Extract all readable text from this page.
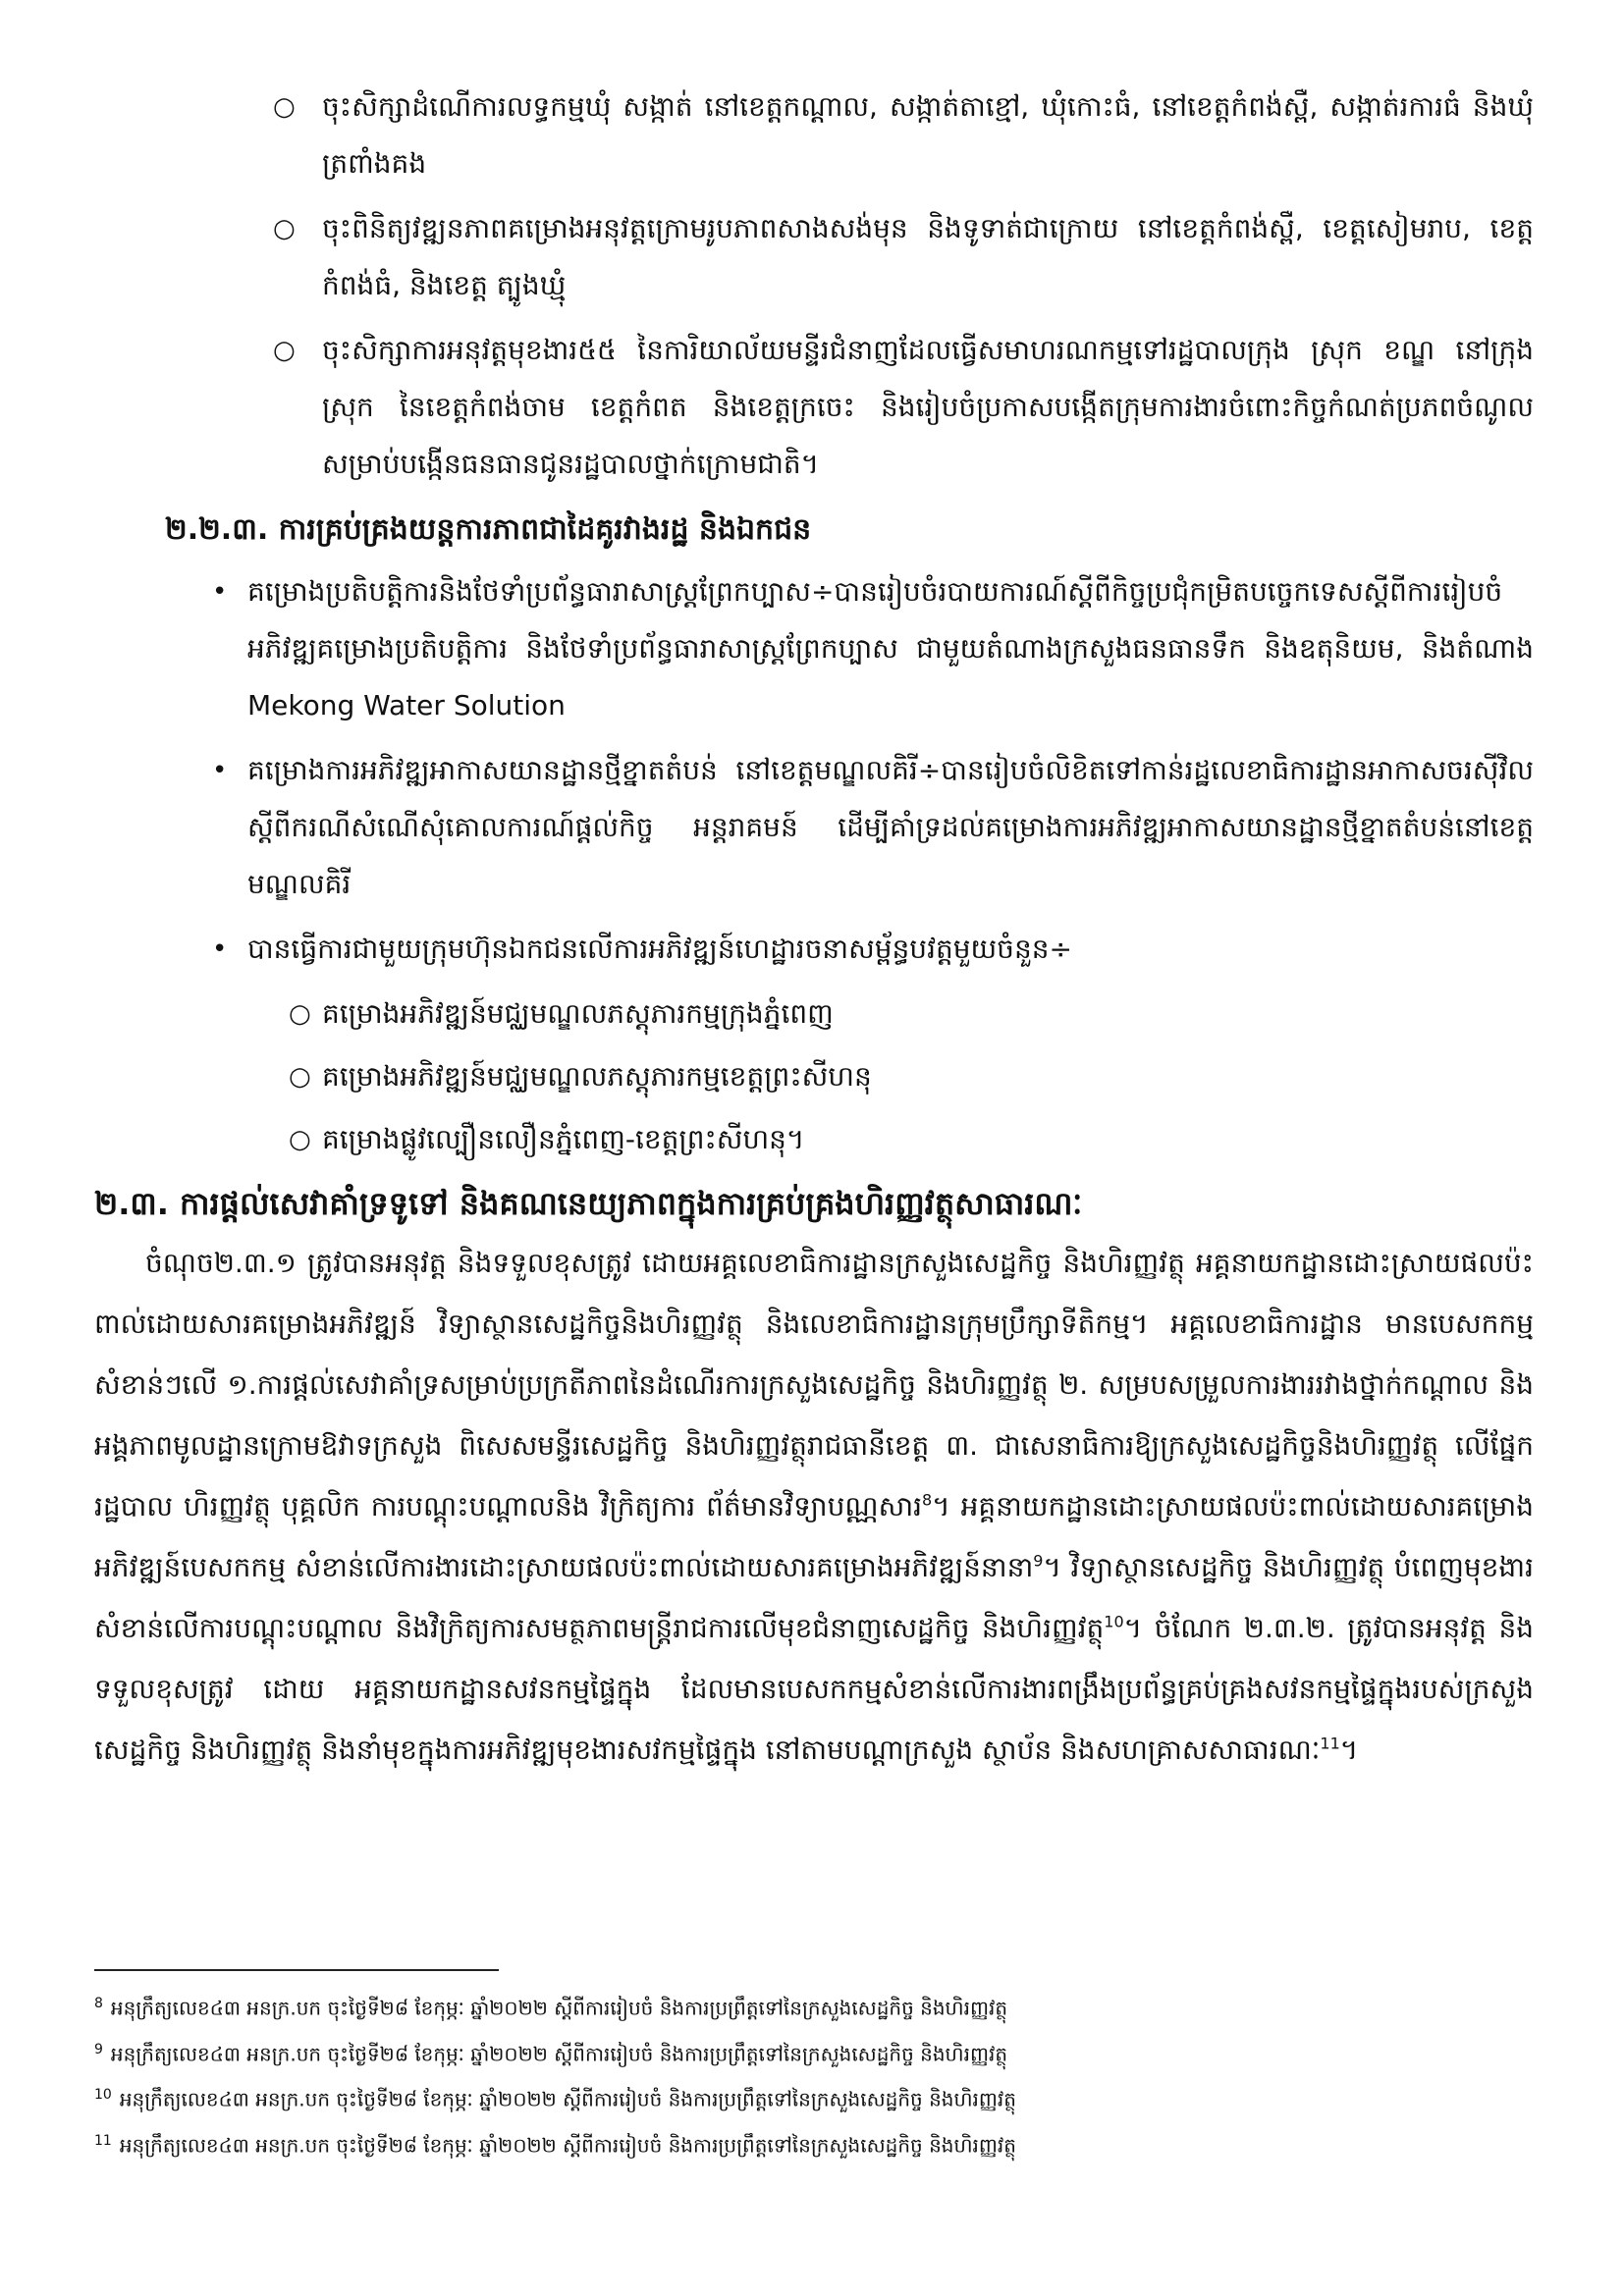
○ ចុះសិក្សាដំណើការលទ្ធកម្មឃុំ សង្កាត់ នៅខេត្តកណ្តាល, សង្កាត់តាខ្មៅ, ឃុំកោះធំ, នៅខេត្តកំពង់ស្ពឺ, សង្កាត់រការធំ និងឃុំត្រពាំងគង
○ ចុះពិនិត្យវឌ្ឍនភាពគម្រោងអនុវត្តក្រោមរូបភាពសាងសង់មុន និងទូទាត់ជាក្រោយ នៅខេត្តកំពង់ស្ពឺ, ខេត្តសៀមរាប, ខេត្តកំពង់ធំ, និងខេត្ត ត្បូងឃ្មុំ
○ ចុះសិក្សាការអនុវត្តមុខងារ៥៥ នៃការិយាល័យមន្ទីរជំនាញដែលធ្វើសមាហរណកម្មទៅរដ្ឋបាលក្រុង ស្រុក ខណ្ឌ នៅក្រុង ស្រុក នៃខេត្តកំពង់ចាម ខេត្តកំពត និងខេត្តក្រចេះ និងរៀបចំប្រកាសបង្កើតក្រុមការងារចំពោះកិច្ចកំណត់ប្រភពចំណូលសម្រាប់បង្កើនធនធានជូនរដ្ឋបាលថ្នាក់ក្រោមជាតិ។
២.២.៣. ការគ្រប់គ្រងយន្តការភាពជាដៃគូរវាងរដ្ឋ និងឯកជន
• គម្រោងប្រតិបត្តិការនិងថែទាំប្រព័ន្ធធារាសាស្ត្រព្រែកប្បាស÷បានរៀបចំរបាយការណ៍ស្តីពីកិច្ចប្រជុំកម្រិតបច្ចេកទេសស្តីពីការរៀបចំអភិវឌ្ឍគម្រោងប្រតិបត្តិការ និងថែទាំប្រព័ន្ធធារាសាស្ត្រព្រែកប្បាស ជាមួយតំណាងក្រសួងធនធានទឹក និងឧតុនិយម, និងតំណាង Mekong Water Solution
• គម្រោងការអភិវឌ្ឍអាកាសយានដ្ឋានថ្មីខ្នាតតំបន់ នៅខេត្តមណ្ឌលគិរី÷បានរៀបចំលិខិតទៅកាន់រដ្ឋលេខាធិការដ្ឋានអាកាសចរស៊ីវិលស្តីពីករណីសំណើសុំគោលការណ៍ផ្តល់កិច្ច អន្តរាគមន៍ ដើម្បីគាំទ្រដល់គម្រោងការអភិវឌ្ឍអាកាសយានដ្ឋានថ្មីខ្នាតតំបន់នៅខេត្តមណ្ឌលគិរី
• បានធ្វើការជាមួយក្រុមហ៊ុនឯកជនលើការអភិវឌ្ឍន៍ហេដ្ឋារចនាសម្ព័ន្ធបវត្តមួយចំនួន÷
○ គម្រោងអភិវឌ្ឍន៍មជ្ឈមណ្ឌលភស្តុភារកម្មក្រុងភ្នំពេញ
○ គម្រោងអភិវឌ្ឍន៍មជ្ឈមណ្ឌលភស្តុភារកម្មខេត្តព្រះសីហនុ
○ គម្រោងផ្លូវល្បឿនលឿនភ្នំពេញ-ខេត្តព្រះសីហនុ។
២.៣. ការផ្តល់សេវាគាំទ្រទូទៅ និងគណនេយ្យភាពក្នុងការគ្រប់គ្រងហិរញ្ញវត្ថុសាធារណៈ
ចំណុច២.៣.១ ត្រូវបានអនុវត្ត និងទទួលខុសត្រូវ ដោយអគ្គលេខាធិការដ្ឋានក្រសួងសេដ្ឋកិច្ច និងហិរញ្ញវត្ថុ អគ្គនាយកដ្ឋានដោះស្រាយផលប៉ះពាល់ដោយសារគម្រោងអភិវឌ្ឍន៍ វិទ្យាស្ថានសេដ្ឋកិច្ចនិងហិរញ្ញវត្ថុ និងលេខាធិការដ្ឋានក្រុមប្រឹក្សាទីតិកម្ម។ អគ្គលេខាធិការដ្ឋាន មានបេសកកម្មសំខាន់ៗលើ ១.ការផ្តល់សេវាគាំទ្រសម្រាប់ប្រក្រតីភាពនៃដំណើរការក្រសួងសេដ្ឋកិច្ច និងហិរញ្ញវត្ថុ ២. សម្របសម្រួលការងាររវាងថ្នាក់កណ្តាល និងអង្គភាពមូលដ្ឋានក្រោមឱវាទក្រសួង ពិសេសមន្ទីរសេដ្ឋកិច្ច និងហិរញ្ញវត្ថុរាជធានីខេត្ត ៣. ជាសេនាធិការឱ្យក្រសួងសេដ្ឋកិច្ចនិងហិរញ្ញវត្ថុ លើផ្នែករដ្ឋបាល ហិរញ្ញវត្ថុ បុគ្គលិក ការបណ្តុះបណ្តាលនិង វិក្រិត្យការ ព័ត៌មានវិទ្យាបណ្ណសារ$^8$។ អគ្គនាយកដ្ឋានដោះស្រាយផលប៉ះពាល់ដោយសារគម្រោងអភិវឌ្ឍន៍បេសកកម្ម សំខាន់លើការងារដោះស្រាយផលប៉ះពាល់ដោយសារគម្រោងអភិវឌ្ឍន៍នានា$^9$។ វិទ្យាស្ថានសេដ្ឋកិច្ច និងហិរញ្ញវត្ថុ បំពេញមុខងារសំខាន់លើការបណ្តុះបណ្តាល និងវិក្រិត្យការសមត្ថភាពមន្ត្រីរាជការលើមុខជំនាញសេដ្ឋកិច្ច និងហិរញ្ញវត្ថុ$^{10}$។ ចំណែក ២.៣.២. ត្រូវបានអនុវត្ត និងទទួលខុសត្រូវ ដោយ អគ្គនាយកដ្ឋានសវនកម្មផ្ទៃក្នុង ដែលមានបេសកកម្មសំខាន់លើការងារពង្រឹងប្រព័ន្ធគ្រប់គ្រងសវនកម្មផ្ទៃក្នុងរបស់ក្រសួងសេដ្ឋកិច្ច និងហិរញ្ញវត្ថុ និងនាំមុខក្នុងការអភិវឌ្ឍមុខងារសវកម្មផ្ទៃក្នុង នៅតាមបណ្តាក្រសួង ស្ថាប័ន និងសហគ្រាសសាធារណៈ$^{11}$។
$^8$ អនុក្រឹត្យលេខ៤៣ អនក្រ.បក ចុះថ្ងៃទី២៨ ខែកុម្ភៈ ឆ្នាំ២០២២ ស្តីពីការរៀបចំ និងការប្រព្រឹត្តទៅនៃក្រសួងសេដ្ឋកិច្ច និងហិរញ្ញវត្ថុ
$^9$ អនុក្រឹត្យលេខ៤៣ អនក្រ.បក ចុះថ្ងៃទី២៨ ខែកុម្ភៈ ឆ្នាំ២០២២ ស្តីពីការរៀបចំ និងការប្រព្រឹត្តទៅនៃក្រសួងសេដ្ឋកិច្ច និងហិរញ្ញវត្ថុ
$^{10}$ អនុក្រឹត្យលេខ៤៣ អនក្រ.បក ចុះថ្ងៃទី២៨ ខែកុម្ភៈ ឆ្នាំ២០២២ ស្តីពីការរៀបចំ និងការប្រព្រឹត្តទៅនៃក្រសួងសេដ្ឋកិច្ច និងហិរញ្ញវត្ថុ
$^{11}$ អនុក្រឹត្យលេខ៤៣ អនក្រ.បក ចុះថ្ងៃទី២៨ ខែកុម្ភៈ ឆ្នាំ២០២២ ស្តីពីការរៀបចំ និងការប្រព្រឹត្តទៅនៃក្រសួងសេដ្ឋកិច្ច និងហិរញ្ញវត្ថុ
